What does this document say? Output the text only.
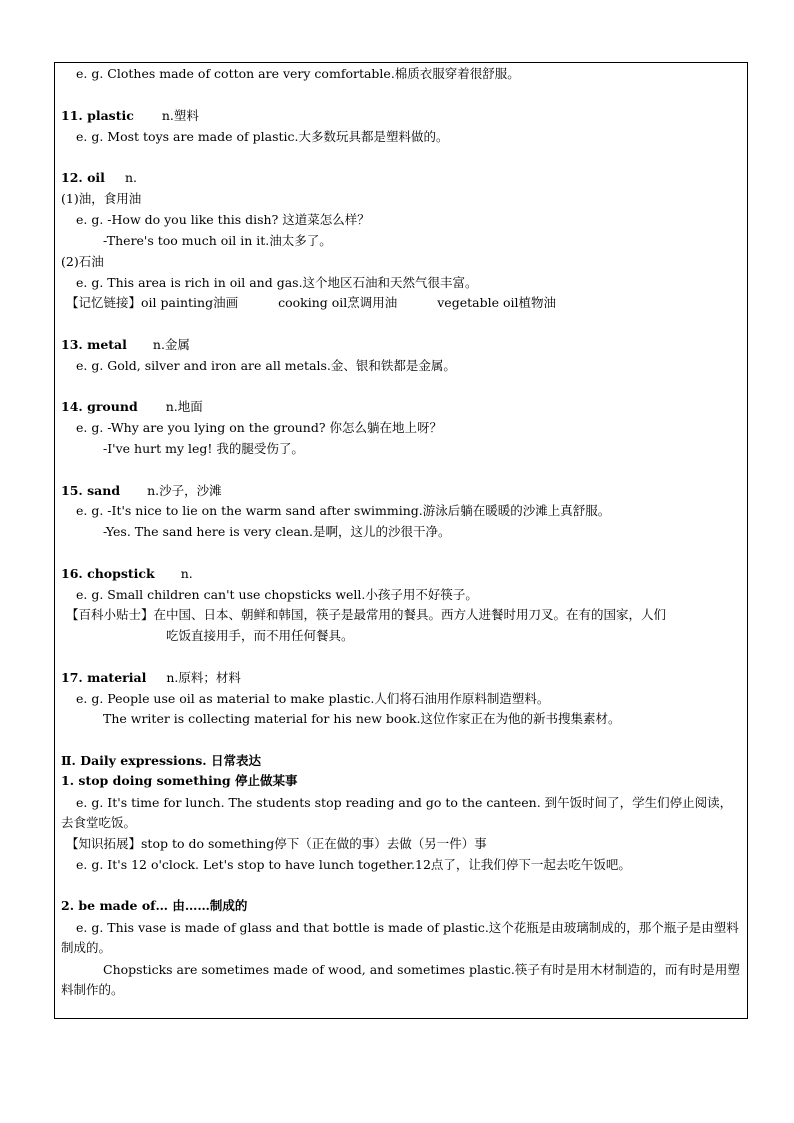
e. g. Clothes made of cotton are very comfortable.棉质衣服穿着很舒服。
11. plastic n.塑料
e. g. Most toys are made of plastic.大多数玩具都是塑料做的。
12. oil n.
(1)油，食用油
e. g. -How do you like this dish? 这道菜怎么样？
-There's too much oil in it.油太多了。
(2)石油
e. g. This area is rich in oil and gas.这个地区石油和天然气很丰富。
【记忆链接】oil painting油画	cooking oil烹调用油	vegetable oil植物油
13. metal n.金属
e. g. Gold, silver and iron are all metals.金、银和铁都是金属。
14. ground n.地面
e. g. -Why are you lying on the ground? 你怎么躺在地上呀？
-I've hurt my leg! 我的腿受伤了。
15. sand n.沙子，沙滩
e. g. -It's nice to lie on the warm sand after swimming.游泳后躺在暖暖的沙滩上真舒服。
-Yes. The sand here is very clean.是啊，这儿的沙很干净。
16. chopstick n.
e. g. Small children can't use chopsticks well.小孩子用不好筷子。
【百科小贴士】在中国、日本、朝鲜和韩国，筷子是最常用的餐具。西方人进餐时用刀叉。在有的国家，人们
吃饭直接用手，而不用任何餐具。
17. material n.原料；材料
e. g. People use oil as material to make plastic.人们将石油用作原料制造塑料。
The writer is collecting material for his new book.这位作家正在为他的新书搜集素材。
Ⅱ. Daily expressions. 日常表达
1. stop doing something 停止做某事
e. g. It's time for lunch. The students stop reading and go to the canteen. 到午饭时间了，学生们停止阅读，去食堂吃饭。
【知识拓展】stop to do something停下（正在做的事）去做（另一件）事
e. g. It's 12 o'clock. Let's stop to have lunch together.12点了，让我们停下一起去吃午饭吧。
2. be made of… 由……制成的
e. g. This vase is made of glass and that bottle is made of plastic.这个花瓶是由玻璃制成的，那个瓶子是由塑料制成的。
Chopsticks are sometimes made of wood, and sometimes plastic.筷子有时是用木材制造的，而有时是用塑料制作的。
